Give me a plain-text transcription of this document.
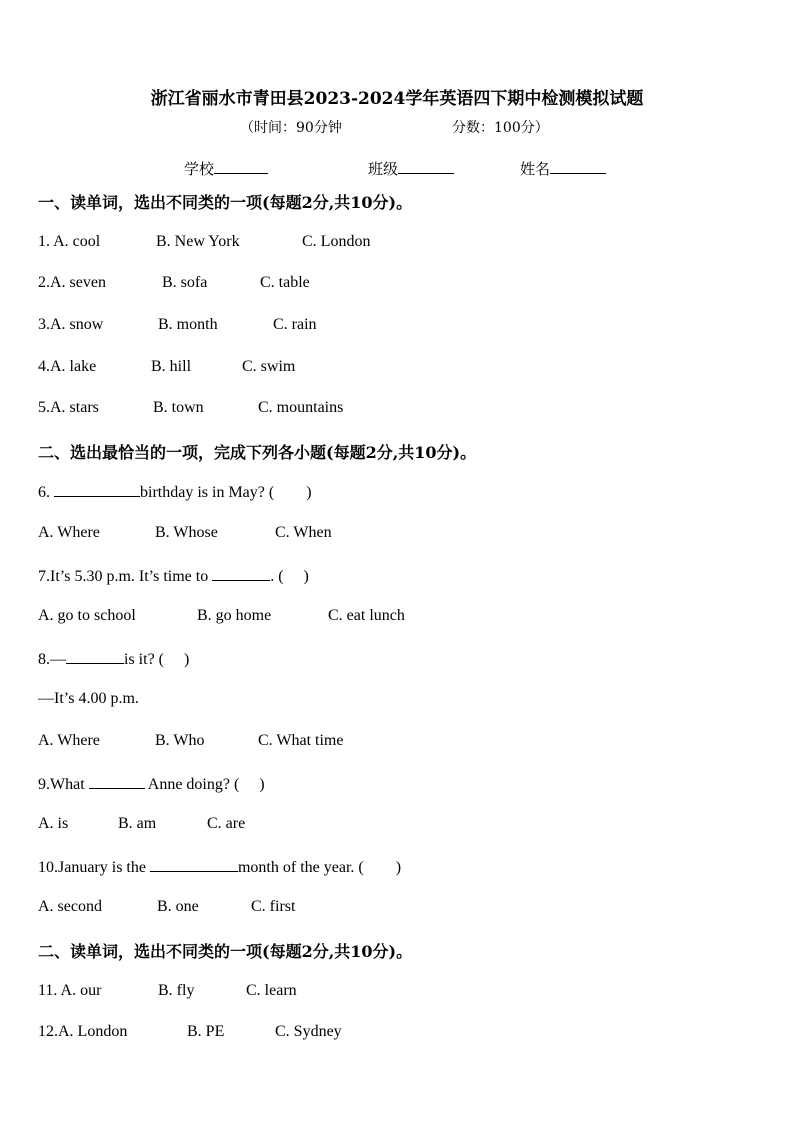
浙江省丽水市青田县2023-2024学年英语四下期中检测模拟试题
（时间：90分钟	分数：100分）
学校	班级	姓名
一、读单词，选出不同类的一项(每题2分,共10分)。
1. A. cool	B. New York	C. London
2.A. seven	B. sofa	C. table
3.A. snow	B. month	C. rain
4.A. lake	B. hill	C. swim
5.A. stars	B. town	C. mountains
二、选出最恰当的一项，完成下列各小题(每题2分,共10分)。
6.	birthday is in May? (        )
A. Where	B. Whose	C. When
7.It’s 5.30 p.m. It’s time to	. (     )
A. go to school	B. go home	C. eat lunch
8.—	is it? (     )
—It’s 4.00 p.m.
A. Where	B. Who	C. What time
9.What	Anne doing? (     )
A. is	B. am	C. are
10.January is the	month of the year. (        )
A. second	B. one	C. first
二、读单词，选出不同类的一项(每题2分,共10分)。
11. A. our	B. fly	C. learn
12.A. London	B. PE	C. Sydney
